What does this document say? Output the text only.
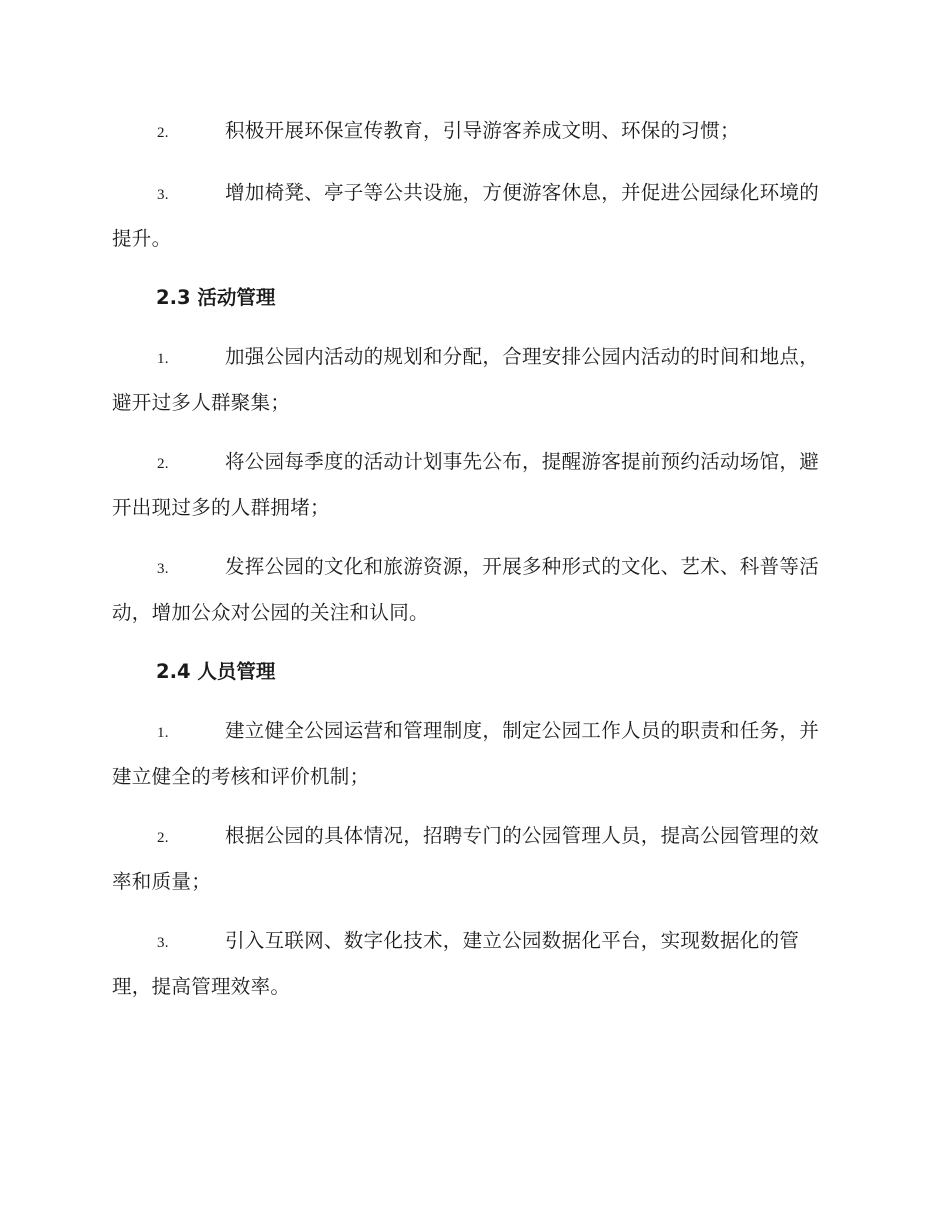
2.	积极开展环保宣传教育，引导游客养成文明、环保的习惯；

3.	增加椅凳、亭子等公共设施，方便游客休息，并促进公园绿化环境的提升。

2.3 活动管理

1.	加强公园内活动的规划和分配，合理安排公园内活动的时间和地点，避开过多人群聚集；

2.	将公园每季度的活动计划事先公布，提醒游客提前预约活动场馆，避开出现过多的人群拥堵；

3.	发挥公园的文化和旅游资源，开展多种形式的文化、艺术、科普等活动，增加公众对公园的关注和认同。

2.4 人员管理

1.	建立健全公园运营和管理制度，制定公园工作人员的职责和任务，并建立健全的考核和评价机制；

2.	根据公园的具体情况，招聘专门的公园管理人员，提高公园管理的效率和质量；

3.	引入互联网、数字化技术，建立公园数据化平台，实现数据化的管理，提高管理效率。
